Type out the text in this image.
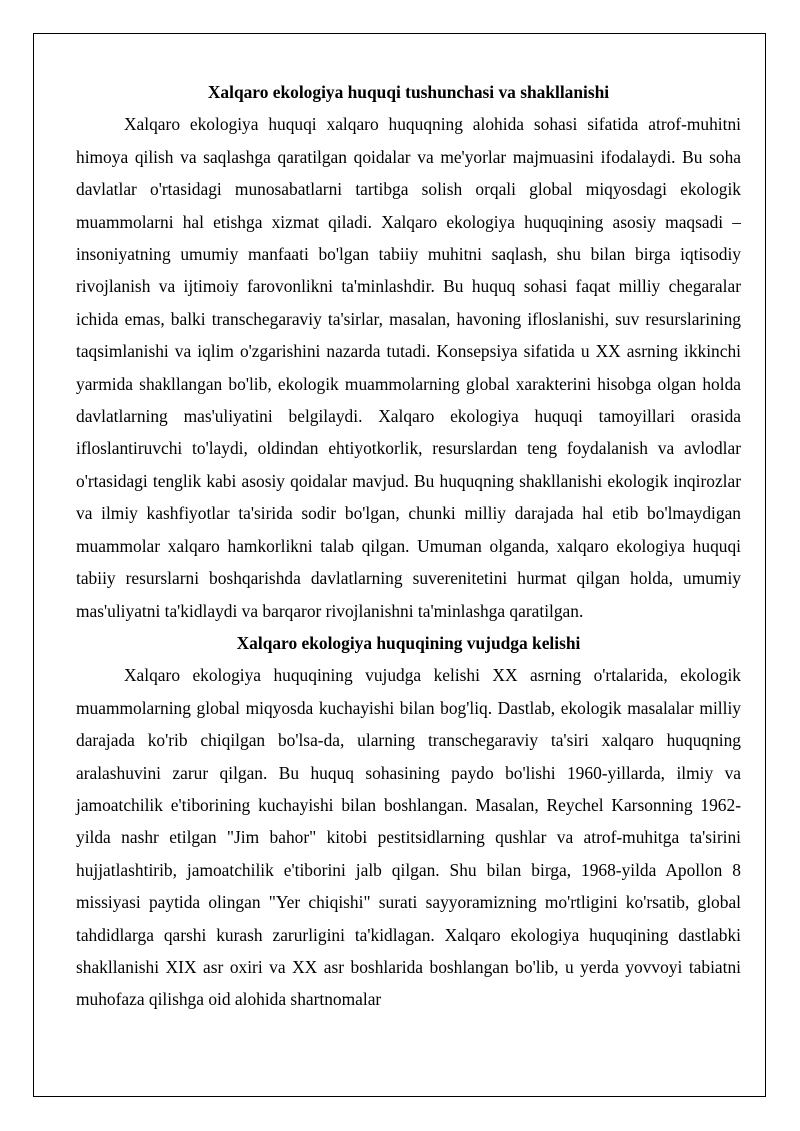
Xalqaro ekologiya huquqi tushunchasi va shakllanishi

Xalqaro ekologiya huquqi xalqaro huquqning alohida sohasi sifatida atrof-muhitni himoya qilish va saqlashga qaratilgan qoidalar va me'yorlar majmuasini ifodalaydi. Bu soha davlatlar o'rtasidagi munosabatlarni tartibga solish orqali global miqyosdagi ekologik muammolarni hal etishga xizmat qiladi. Xalqaro ekologiya huquqining asosiy maqsadi – insoniyatning umumiy manfaati bo'lgan tabiiy muhitni saqlash, shu bilan birga iqtisodiy rivojlanish va ijtimoiy farovonlikni ta'minlashdir. Bu huquq sohasi faqat milliy chegaralar ichida emas, balki transchegaraviy ta'sirlar, masalan, havoning ifloslanishi, suv resurslarining taqsimlanishi va iqlim o'zgarishini nazarda tutadi. Konsepsiya sifatida u XX asrning ikkinchi yarmida shakllangan bo'lib, ekologik muammolarning global xarakterini hisobga olgan holda davlatlarning mas'uliyatini belgilaydi. Xalqaro ekologiya huquqi tamoyillari orasida ifloslantiruvchi to'laydi, oldindan ehtiyotkorlik, resurslardan teng foydalanish va avlodlar o'rtasidagi tenglik kabi asosiy qoidalar mavjud. Bu huquqning shakllanishi ekologik inqirozlar va ilmiy kashfiyotlar ta'sirida sodir bo'lgan, chunki milliy darajada hal etib bo'lmaydigan muammolar xalqaro hamkorlikni talab qilgan. Umuman olganda, xalqaro ekologiya huquqi tabiiy resurslarni boshqarishda davlatlarning suverenitetini hurmat qilgan holda, umumiy mas'uliyatni ta'kidlaydi va barqaror rivojlanishni ta'minlashga qaratilgan.

Xalqaro ekologiya huquqining vujudga kelishi

Xalqaro ekologiya huquqining vujudga kelishi XX asrning o'rtalarida, ekologik muammolarning global miqyosda kuchayishi bilan bog'liq. Dastlab, ekologik masalalar milliy darajada ko'rib chiqilgan bo'lsa-da, ularning transchegaraviy ta'siri xalqaro huquqning aralashuvini zarur qilgan. Bu huquq sohasining paydo bo'lishi 1960-yillarda, ilmiy va jamoatchilik e'tiborining kuchayishi bilan boshlangan. Masalan, Reychel Karsonning 1962-yilda nashr etilgan "Jim bahor" kitobi pestitsidlarning qushlar va atrof-muhitga ta'sirini hujjatlashtirib, jamoatchilik e'tiborini jalb qilgan. Shu bilan birga, 1968-yilda Apollon 8 missiyasi paytida olingan "Yer chiqishi" surati sayyoramizning mo'rtligini ko'rsatib, global tahdidlarga qarshi kurash zarurligini ta'kidlagan. Xalqaro ekologiya huquqining dastlabki shakllanishi XIX asr oxiri va XX asr boshlarida boshlangan bo'lib, u yerda yovvoyi tabiatni muhofaza qilishga oid alohida shartnomalar
